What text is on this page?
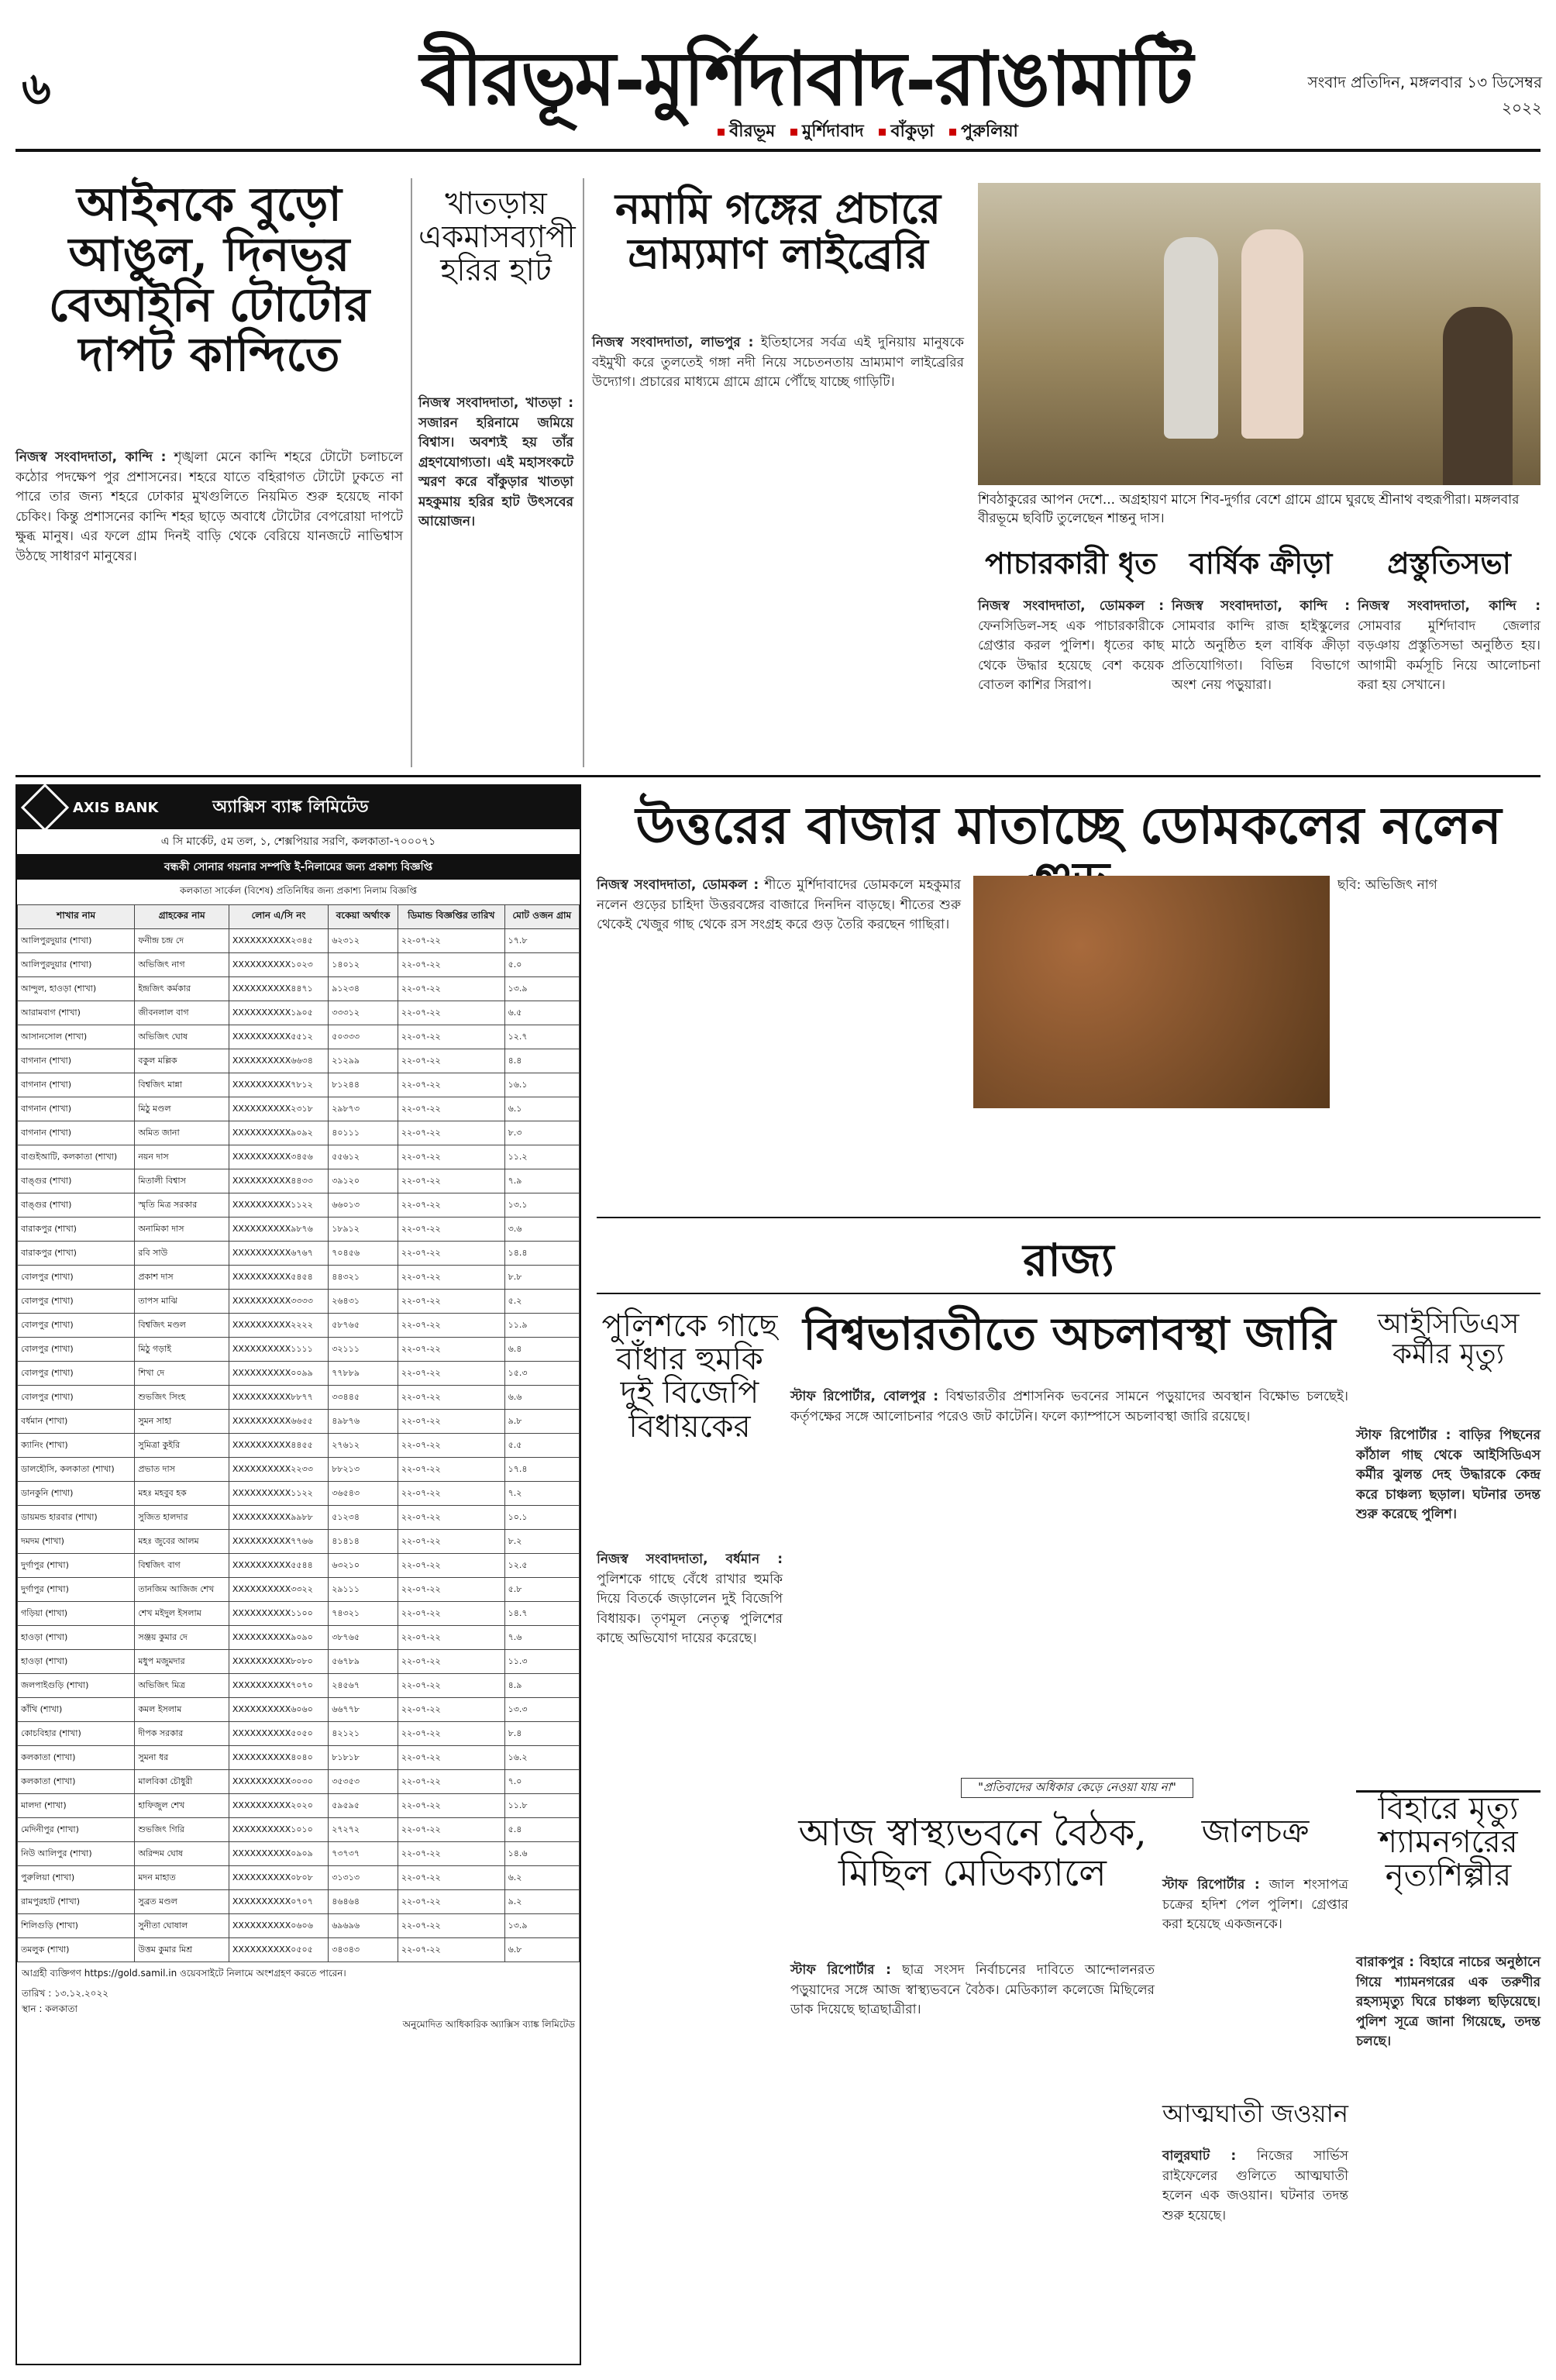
৬	বীরভূম-মুর্শিদাবাদ-রাঙামাটি	সংবাদ প্রতিদিন, মঙ্গলবার ১৩ ডিসেম্বর ২০২২
বীরভূম মুর্শিদাবাদ বাঁকুড়া পুরুলিয়া
আইনকে বুড়ো আঙুল, দিনভর বেআইনি টোটোর দাপট কান্দিতে
নিজস্ব সংবাদদাতা, কান্দি : শৃঙ্খলা মেনে কান্দি শহরে টোটো চলাচলে কঠোর পদক্ষেপ পুর প্রশাসনের। শহরে যাতে বহিরাগত টোটো ঢুকতে না পারে তার জন্য শহরে ঢোকার মুখগুলিতে নিয়মিত শুরু হয়েছে নাকা চেকিং। কিন্তু প্রশাসনের কান্দি শহর ছাড়ে অবাধে টোটোর বেপরোয়া দাপটে ক্ষুব্ধ মানুষ। এর ফলে গ্রাম দিনই বাড়ি থেকে বেরিয়ে যানজটে নাভিশ্বাস উঠছে সাধারণ মানুষের।
খাতড়ায় একমাসব্যাপী হরির হাট
নিজস্ব সংবাদদাতা, খাতড়া : সজারন হরিনামে জমিয়ে বিশ্বাস। অবশ্যই হয় তাঁর গ্রহণযোগ্যতা। এই মহাসংকটে স্মরণ করে বাঁকুড়ার খাতড়া মহকুমায় হরির হাট উৎসবের আয়োজন।
নমামি গঙ্গের প্রচারে ভ্রাম্যমাণ লাইব্রেরি
নিজস্ব সংবাদদাতা, লাভপুর : ইতিহাসের সর্বত্র এই দুনিয়ায় মানুষকে বইমুখী করে তুলতেই গঙ্গা নদী নিয়ে সচেতনতায় ভ্রাম্যমাণ লাইব্রেরির উদ্যোগ। প্রচারের মাধ্যমে গ্রামে গ্রামে পৌঁছে যাচ্ছে গাড়িটি।
শিবঠাকুরের আপন দেশে... অগ্রহায়ণ মাসে শিব-দুর্গার বেশে গ্রামে গ্রামে ঘুরছে শ্রীনাথ বহুরূপীরা। মঙ্গলবার বীরভূমে ছবিটি তুলেছেন শান্তনু দাস।
পাচারকারী ধৃত
নিজস্ব সংবাদদাতা, ডোমকল : ফেনসিডিল-সহ এক পাচারকারীকে গ্রেপ্তার করল পুলিশ। ধৃতের কাছ থেকে উদ্ধার হয়েছে বেশ কয়েক বোতল কাশির সিরাপ।
বার্ষিক ক্রীড়া
নিজস্ব সংবাদদাতা, কান্দি : সোমবার কান্দি রাজ হাইস্কুলের মাঠে অনুষ্ঠিত হল বার্ষিক ক্রীড়া প্রতিযোগিতা। বিভিন্ন বিভাগে অংশ নেয় পড়ুয়ারা।
প্রস্তুতিসভা
নিজস্ব সংবাদদাতা, কান্দি : সোমবার মুর্শিদাবাদ জেলার বড়ঞায় প্রস্তুতিসভা অনুষ্ঠিত হয়। আগামী কর্মসূচি নিয়ে আলোচনা করা হয় সেখানে।
AXIS BANK	অ্যাক্সিস ব্যাঙ্ক লিমিটেড
এ সি মার্কেট, ৫ম তল, ১, শেক্সপিয়ার সরণি, কলকাতা-৭০০০৭১
বন্ধকী সোনার গয়নার সম্পত্তি ই-নিলামের জন্য প্রকাশ্য বিজ্ঞপ্তি
কলকাতা সার্কেল (বিশেষ) প্রতিনিধির জন্য প্রকাশ্য নিলাম বিজ্ঞপ্তি
শাখার নাম	গ্রাহকের নাম	লোন এ/সি নং	বকেয়া অর্থাংক	ডিমান্ড বিজ্ঞপ্তির তারিখ	মোট ওজন গ্রাম
আলিপুরদুয়ার (শাখা)	ফনীন্দ্র চন্দ্র দে	XXXXXXXXXX২৩৪৫	৬২৩১২	২২-০৭-২২	১৭.৮
আলিপুরদুয়ার (শাখা)	অভিজিৎ নাগ	XXXXXXXXXX১০২৩	১৪০১২	২২-০৭-২২	৫.০
আন্দুল, হাওড়া (শাখা)	ইন্দ্রজিৎ কর্মকার	XXXXXXXXXX৪৪৭১	৯১২৩৪	২২-০৭-২২	১৩.৯
আরামবাগ (শাখা)	জীবনলাল বাগ	XXXXXXXXXX১৯০৫	৩৩৩১২	২২-০৭-২২	৬.৫
আসানসোল (শাখা)	অভিজিৎ ঘোষ	XXXXXXXXXX৫৫১২	৫০৩৩৩	২২-০৭-২২	১২.৭
বাগনান (শাখা)	বকুল মল্লিক	XXXXXXXXXX৬৬৩৪	২১২৯৯	২২-০৭-২২	৪.৪
বাগনান (শাখা)	বিশ্বজিৎ মান্না	XXXXXXXXXX৭৮১২	৮১২৪৪	২২-০৭-২২	১৬.১
বাগনান (শাখা)	মিঠু মণ্ডল	XXXXXXXXXX২৩১৮	২৯৮৭৩	২২-০৭-২২	৬.১
বাগনান (শাখা)	অমিত জানা	XXXXXXXXXX৯০৯২	৪০১১১	২২-০৭-২২	৮.৩
বাগুইআটি, কলকাতা (শাখা)	নয়ন দাস	XXXXXXXXXX৩৪৫৬	৫৫৬১২	২২-০৭-২২	১১.২
বাঙ্গুর (শাখা)	মিতালী বিশ্বাস	XXXXXXXXXX৪৪৩৩	৩৯১২০	২২-০৭-২২	৭.৯
বাঙ্গুর (শাখা)	স্মৃতি মিত্র সরকার	XXXXXXXXXX১১২২	৬৬০১৩	২২-০৭-২২	১৩.১
বারাকপুর (শাখা)	অনামিকা দাস	XXXXXXXXXX৯৮৭৬	১৮৯১২	২২-০৭-২২	৩.৬
বারাকপুর (শাখা)	রবি সাউ	XXXXXXXXXX৬৭৬৭	৭০৪৫৬	২২-০৭-২২	১৪.৪
বোলপুর (শাখা)	প্রকাশ দাস	XXXXXXXXXX৫৪৫৪	৪৪৩২১	২২-০৭-২২	৮.৮
বোলপুর (শাখা)	তাপস মাঝি	XXXXXXXXXX৩৩৩৩	২৬৪৩১	২২-০৭-২২	৫.২
বোলপুর (শাখা)	বিশ্বজিৎ মণ্ডল	XXXXXXXXXX২২২২	৫৮৭৬৫	২২-০৭-২২	১১.৯
বোলপুর (শাখা)	মিঠু গড়াই	XXXXXXXXXX১১১১	৩২১১১	২২-০৭-২২	৬.৪
বোলপুর (শাখা)	শিখা দে	XXXXXXXXXX০০৯৯	৭৭৮৮৯	২২-০৭-২২	১৫.৩
বোলপুর (শাখা)	শুভজিৎ সিংহ	XXXXXXXXXX৮৮৭৭	৩৩৪৪৫	২২-০৭-২২	৬.৬
বর্ধমান (শাখা)	সুমন সাহা	XXXXXXXXXX৬৬৫৫	৪৯৮৭৬	২২-০৭-২২	৯.৮
ক্যানিং (শাখা)	সুমিত্রা কুইরি	XXXXXXXXXX৪৪৫৫	২৭৬১২	২২-০৭-২২	৫.৫
ডালহৌসি, কলকাতা (শাখা)	প্রভাত দাস	XXXXXXXXXX২২৩৩	৮৮২১৩	২২-০৭-২২	১৭.৪
ডানকুনি (শাখা)	মহঃ মহবুব হক	XXXXXXXXXX১১২২	৩৬৫৪৩	২২-০৭-২২	৭.২
ডায়মন্ড হারবার (শাখা)	সুজিত হালদার	XXXXXXXXXX৯৯৮৮	৫১২৩৪	২২-০৭-২২	১০.১
দমদম (শাখা)	মহঃ জুবের আলম	XXXXXXXXXX৭৭৬৬	৪১৪১৪	২২-০৭-২২	৮.২
দুর্গাপুর (শাখা)	বিশ্বজিৎ বাগ	XXXXXXXXXX৫৫৪৪	৬৩২১০	২২-০৭-২২	১২.৫
দুর্গাপুর (শাখা)	তানজিম আজিজ শেখ	XXXXXXXXXX৩৩২২	২৯১১১	২২-০৭-২২	৫.৮
গড়িয়া (শাখা)	শেখ মইদুল ইসলাম	XXXXXXXXXX১১০০	৭৪৩২১	২২-০৭-২২	১৪.৭
হাওড়া (শাখা)	সঞ্জয় কুমার দে	XXXXXXXXXX৯০৯০	৩৮৭৬৫	২২-০৭-২২	৭.৬
হাওড়া (শাখা)	মধুপ মজুমদার	XXXXXXXXXX৮০৮০	৫৬৭৮৯	২২-০৭-২২	১১.৩
জলপাইগুড়ি (শাখা)	অভিজিৎ মিত্র	XXXXXXXXXX৭০৭০	২৪৫৬৭	২২-০৭-২২	৪.৯
কাঁথি (শাখা)	কমল ইসলাম	XXXXXXXXXX৬০৬০	৬৬৭৭৮	২২-০৭-২২	১৩.৩
কোচবিহার (শাখা)	দীপক সরকার	XXXXXXXXXX৫০৫০	৪২১২১	২২-০৭-২২	৮.৪
কলকাতা (শাখা)	সুমনা ধর	XXXXXXXXXX৪০৪০	৮১৮১৮	২২-০৭-২২	১৬.২
কলকাতা (শাখা)	মালবিকা চৌধুরী	XXXXXXXXXX৩০৩০	৩৫৩৫৩	২২-০৭-২২	৭.০
মালদা (শাখা)	হাফিজুল শেখ	XXXXXXXXXX২০২০	৫৯৫৯৫	২২-০৭-২২	১১.৮
মেদিনীপুর (শাখা)	শুভজিৎ গিরি	XXXXXXXXXX১০১০	২৭২৭২	২২-০৭-২২	৫.৪
নিউ আলিপুর (শাখা)	অরিন্দম ঘোষ	XXXXXXXXXX০৯০৯	৭৩৭৩৭	২২-০৭-২২	১৪.৬
পুরুলিয়া (শাখা)	মদন মাহাত	XXXXXXXXXX০৮০৮	৩১৩১৩	২২-০৭-২২	৬.২
রামপুরহাট (শাখা)	সুব্রত মণ্ডল	XXXXXXXXXX০৭০৭	৪৬৪৬৪	২২-০৭-২২	৯.২
শিলিগুড়ি (শাখা)	সুনীতা ঘোষাল	XXXXXXXXXX০৬০৬	৬৯৬৯৬	২২-০৭-২২	১৩.৯
তমলুক (শাখা)	উত্তম কুমার মিশ্র	XXXXXXXXXX০৫০৫	৩৪৩৪৩	২২-০৭-২২	৬.৮
আগ্রহী ব্যক্তিগণ https://gold.samil.in ওয়েবসাইটে নিলামে অংশগ্রহণ করতে পারেন।
তারিখ : ১৩.১২.২০২২
স্থান : কলকাতা
অনুমোদিত আধিকারিক অ্যাক্সিস ব্যাঙ্ক লিমিটেড
উত্তরের বাজার মাতাচ্ছে ডোমকলের নলেন
নিজস্ব সংবাদদাতা, ডোমকল : শীতে মুর্শিদাবাদের ডোমকলে মহকুমার নলেন গুড়ের চাহিদা উত্তরবঙ্গের বাজারে দিনদিন বাড়ছে। শীতের শুরু থেকেই খেজুর গাছ থেকে রস সংগ্রহ করে গুড় তৈরি করছেন গাছিরা।
ছবি: অভিজিৎ নাগ
রাজ্য
পুলিশকে গাছে বাঁধার হুমকি দুই বিজেপি বিধায়কের
নিজস্ব সংবাদদাতা, বর্ধমান : পুলিশকে গাছে বেঁধে রাখার হুমকি দিয়ে বিতর্কে জড়ালেন দুই বিজেপি বিধায়ক। তৃণমূল নেতৃত্ব পুলিশের কাছে অভিযোগ দায়ের করেছে।
বিশ্বভারতীতে অচলাবস্থা জারি
স্টাফ রিপোর্টার, বোলপুর : বিশ্বভারতীর প্রশাসনিক ভবনের সামনে পড়ুয়াদের অবস্থান বিক্ষোভ চলছেই। কর্তৃপক্ষের সঙ্গে আলোচনার পরেও জট কাটেনি। ফলে ক্যাম্পাসে অচলাবস্থা জারি রয়েছে।
"প্রতিবাদের অধিকার কেড়ে নেওয়া যায় না"
আইসিডিএস কর্মীর মৃত্যু
স্টাফ রিপোর্টার : বাড়ির পিছনের কাঁঠাল গাছ থেকে আইসিডিএস কর্মীর ঝুলন্ত দেহ উদ্ধারকে কেন্দ্র করে চাঞ্চল্য ছড়াল। ঘটনার তদন্ত শুরু করেছে পুলিশ।
আজ স্বাস্থ্যভবনে বৈঠক, মিছিল মেডিক্যালে
স্টাফ রিপোর্টার : ছাত্র সংসদ নির্বাচনের দাবিতে আন্দোলনরত পড়ুয়াদের সঙ্গে আজ স্বাস্থ্যভবনে বৈঠক। মেডিক্যাল কলেজে মিছিলের ডাক দিয়েছে ছাত্রছাত্রীরা।
জালচক্র
স্টাফ রিপোর্টার : জাল শংসাপত্র চক্রের হদিশ পেল পুলিশ। গ্রেপ্তার করা হয়েছে একজনকে।
আত্মঘাতী জওয়ান
বালুরঘাট : নিজের সার্ভিস রাইফেলের গুলিতে আত্মঘাতী হলেন এক জওয়ান। ঘটনার তদন্ত শুরু হয়েছে।
বিহারে মৃত্যু শ্যামনগরের নৃত্যশিল্পীর
বারাকপুর : বিহারে নাচের অনুষ্ঠানে গিয়ে শ্যামনগরের এক তরুণীর রহস্যমৃত্যু ঘিরে চাঞ্চল্য ছড়িয়েছে। পুলিশ সূত্রে জানা গিয়েছে, তদন্ত চলছে।
